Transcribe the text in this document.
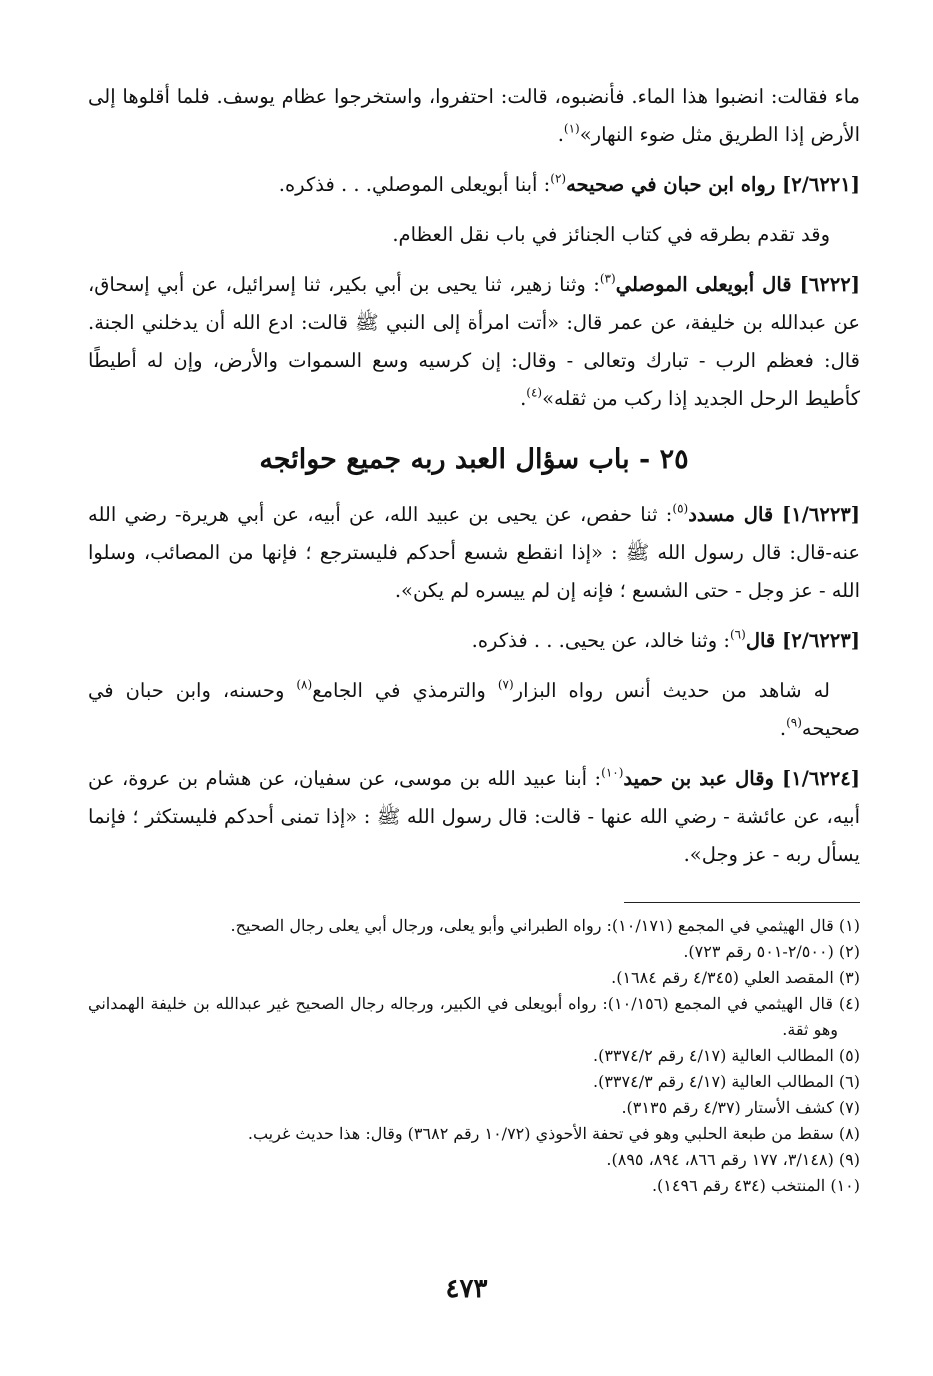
ماء فقالت: انضبوا هذا الماء. فأنضبوه، قالت: احتفروا، واستخرجوا عظام يوسف. فلما أقلوها إلى الأرض إذا الطريق مثل ضوء النهار»$^{(١)}$.

[٢/٦٢٢١] رواه ابن حبان في صحيحه$^{(٢)}$: أبنا أبويعلى الموصلي. . . فذكره.

وقد تقدم بطرقه في كتاب الجنائز في باب نقل العظام.

[٦٢٢٢] قال أبويعلى الموصلي$^{(٣)}$: وثنا زهير، ثنا يحيى بن أبي بكير، ثنا إسرائيل، عن أبي إسحاق، عن عبدالله بن خليفة، عن عمر قال: «أتت امرأة إلى النبي ﷺ قالت: ادع الله أن يدخلني الجنة. قال: فعظم الرب - تبارك وتعالى - وقال: إن كرسيه وسع السموات والأرض، وإن له أطيطًا كأطيط الرحل الجديد إذا ركب من ثقله»$^{(٤)}$.

٢٥ - باب سؤال العبد ربه جميع حوائجه

[١/٦٢٢٣] قال مسدد$^{(٥)}$: ثنا حفص، عن يحيى بن عبيد الله، عن أبيه، عن أبي هريرة- رضي الله عنه-قال: قال رسول الله ﷺ : «إذا انقطع شسع أحدكم فليسترجع ؛ فإنها من المصائب، وسلوا الله - عز وجل - حتى الشسع ؛ فإنه إن لم ييسره لم يكن».

[٢/٦٢٢٣] قال$^{(٦)}$: وثنا خالد، عن يحيى. . . فذكره.

له شاهد من حديث أنس رواه البزار$^{(٧)}$ والترمذي في الجامع$^{(٨)}$ وحسنه، وابن حبان في صحيحه$^{(٩)}$.

[١/٦٢٢٤] وقال عبد بن حميد$^{(١٠)}$: أبنا عبيد الله بن موسى، عن سفيان، عن هشام بن عروة، عن أبيه، عن عائشة - رضي الله عنها - قالت: قال رسول الله ﷺ : «إذا تمنى أحدكم فليستكثر ؛ فإنما يسأل ربه - عز وجل».

(١) قال الهيثمي في المجمع (١٠/١٧١): رواه الطبراني وأبو يعلى، ورجال أبي يعلى رجال الصحيح.

(٢) (٢/٥٠٠-٥٠١ رقم ٧٢٣).

(٣) المقصد العلي (٤/٣٤٥ رقم ١٦٨٤).

(٤) قال الهيثمي في المجمع (١٠/١٥٦): رواه أبويعلى في الكبير، ورجاله رجال الصحيح غير عبدالله بن خليفة الهمداني وهو ثقة.

(٥) المطالب العالية (٤/١٧ رقم ٣٣٧٤/٢).

(٦) المطالب العالية (٤/١٧ رقم ٣٣٧٤/٣).

(٧) كشف الأستار (٤/٣٧ رقم ٣١٣٥).

(٨) سقط من طبعة الحلبي وهو في تحفة الأحوذي (١٠/٧٢ رقم ٣٦٨٢) وقال: هذا حديث غريب.

(٩) (٣/١٤٨، ١٧٧ رقم ٨٦٦، ٨٩٤، ٨٩٥).

(١٠) المنتخب (٤٣٤ رقم ١٤٩٦).

٤٧٣
